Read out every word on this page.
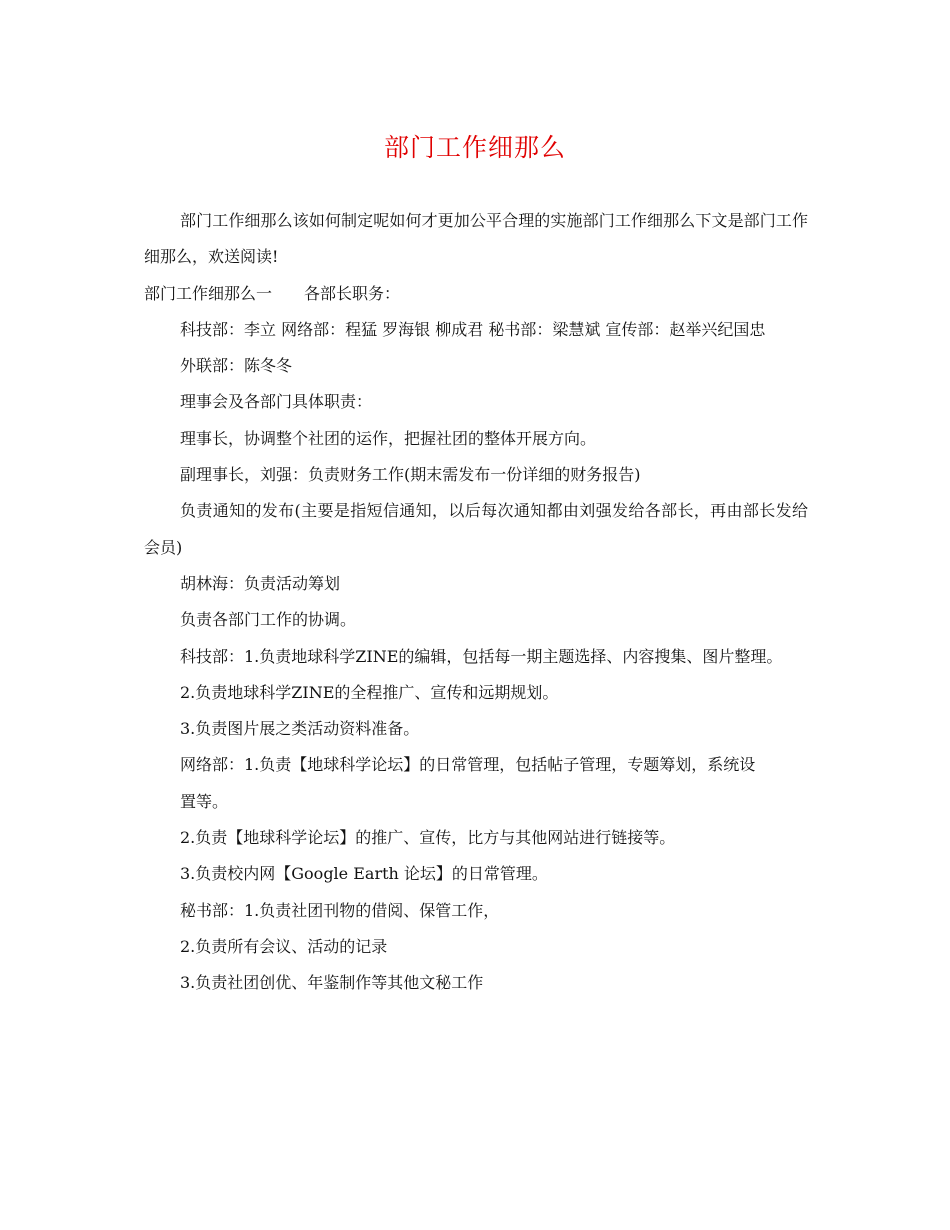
部门工作细那么

部门工作细那么该如何制定呢如何才更加公平合理的实施部门工作细那么下文是部门工作细那么，欢送阅读!

部门工作细那么一　　各部长职务：

科技部：李立 网络部：程猛 罗海银 柳成君 秘书部：梁慧斌 宣传部：赵举兴纪国忠

外联部：陈冬冬

理事会及各部门具体职责：

理事长，协调整个社团的运作，把握社团的整体开展方向。

副理事长，刘强：负责财务工作(期末需发布一份详细的财务报告)

负责通知的发布(主要是指短信通知，以后每次通知都由刘强发给各部长，再由部长发给会员)

胡林海：负责活动筹划

负责各部门工作的协调。

科技部：1.负责地球科学ZINE的编辑，包括每一期主题选择、内容搜集、图片整理。

2.负责地球科学ZINE的全程推广、宣传和远期规划。

3.负责图片展之类活动资料准备。

网络部：1.负责【地球科学论坛】的日常管理，包括帖子管理，专题筹划，系统设

置等。

2.负责【地球科学论坛】的推广、宣传，比方与其他网站进行链接等。

3.负责校内网【Google Earth 论坛】的日常管理。

秘书部：1.负责社团刊物的借阅、保管工作，

2.负责所有会议、活动的记录

3.负责社团创优、年鉴制作等其他文秘工作
